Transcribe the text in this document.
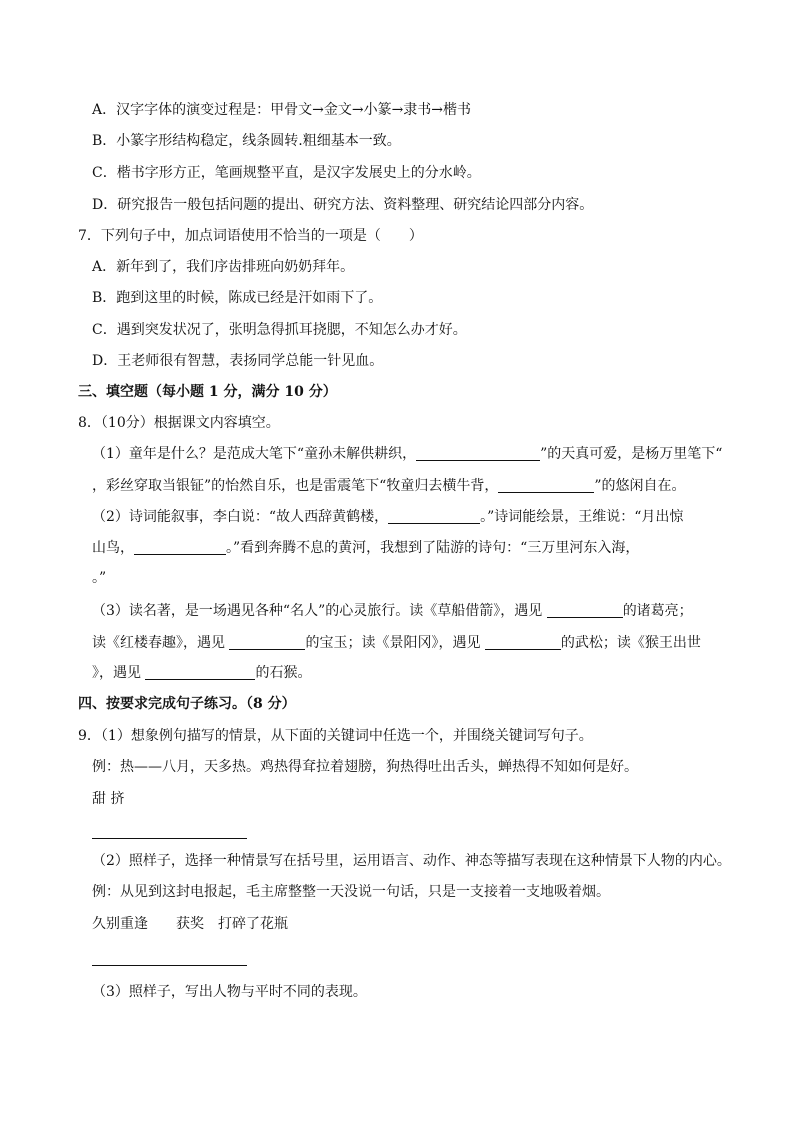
A．汉字字体的演变过程是：甲骨文→金文→小篆→隶书→楷书
B．小篆字形结构稳定，线条圆转.粗细基本一致。
C．楷书字形方正，笔画规整平直，是汉字发展史上的分水岭。
D．研究报告一般包括问题的提出、研究方法、资料整理、研究结论四部分内容。
7．下列句子中，加点词语使用不恰当的一项是（　　）
A．新年到了，我们序齿排班向奶奶拜年。
B．跑到这里的时候，陈成已经是汗如雨下了。
C．遇到突发状况了，张明急得抓耳挠腮，不知怎么办才好。
D．王老师很有智慧，表扬同学总能一针见血。
三、填空题（每小题 1 分，满分 10 分）
8．（10分）根据课文内容填空。
（1）童年是什么？是范成大笔下“童孙未解供耕织，	”的天真可爱，是杨万里笔下“
，彩丝穿取当银钲”的怡然自乐，也是雷震笔下“牧童归去横牛背，	”的悠闲自在。
（2）诗词能叙事，李白说：“故人西辞黄鹤楼，	。”诗词能绘景，王维说：“月出惊
山鸟，	。”看到奔腾不息的黄河，我想到了陆游的诗句：“三万里河东入海，
。”
（3）读名著，是一场遇见各种“名人”的心灵旅行。读《草船借箭》，遇见	的诸葛亮；
读《红楼春趣》，遇见	的宝玉；读《景阳冈》，遇见	的武松；读《猴王出世
》，遇见	的石猴。
四、按要求完成句子练习。（8 分）
9．（1）想象例句描写的情景，从下面的关键词中任选一个，并围绕关键词写句子。
例：热——八月，天多热。鸡热得耷拉着翅膀，狗热得吐出舌头，蝉热得不知如何是好。
甜 挤
（2）照样子，选择一种情景写在括号里，运用语言、动作、神态等描写表现在这种情景下人物的内心。
例：从见到这封电报起，毛主席整整一天没说一句话，只是一支接着一支地吸着烟。
久别重逢　　获奖　打碎了花瓶
（3）照样子，写出人物与平时不同的表现。
